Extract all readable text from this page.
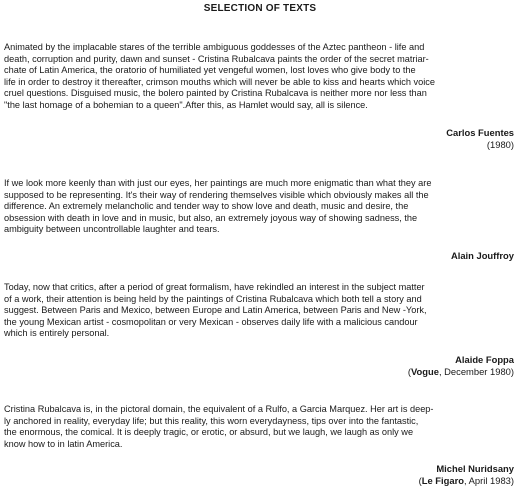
SELECTION OF TEXTS

Animated by the implacable stares of the terrible ambiguous goddesses of the Aztec pantheon - life and
death, corruption and purity, dawn and sunset - Cristina Rubalcava paints the order of the secret matriar-
chate of Latin America, the oratorio of humiliated yet vengeful women, lost loves who give body to the
life in order to destroy it thereafter, crimson mouths which will never be able to kiss and hearts which voice
cruel questions. Disguised music, the bolero painted by Cristina Rubalcava is neither more nor less than
"the last homage of a bohemian to a queen".After this, as Hamlet would say, all is silence.

Carlos Fuentes
(1980)

If we look more keenly than with just our eyes, her paintings are much more enigmatic than what they are
supposed to be representing. It's their way of rendering themselves visible which obviously makes all the
difference. An extremely melancholic and tender way to show love and death, music and desire, the
obsession with death in love and in music, but also, an extremely joyous way of showing sadness, the
ambiguity between uncontrollable laughter and tears.

Alain Jouffroy

Today, now that critics, after a period of great formalism, have rekindled an interest in the subject matter
of a work, their attention is being held by the paintings of Cristina Rubalcava which both tell a story and
suggest. Between Paris and Mexico, between Europe and Latin America, between Paris and New -York,
the young Mexican artist - cosmopolitan or very Mexican - observes daily life with a malicious candour
which is entirely personal.

Alaide Foppa
(Vogue, December 1980)

Cristina Rubalcava is, in the pictoral domain, the equivalent of a Rulfo, a Garcia Marquez. Her art is deep-
ly anchored in reality, everyday life; but this reality, this worn everydayness, tips over into the fantastic,
the enormous, the comical. It is deeply tragic, or erotic, or absurd, but we laugh, we laugh as only we
know how to in latin America.

Michel Nuridsany
(Le Figaro, April 1983)
